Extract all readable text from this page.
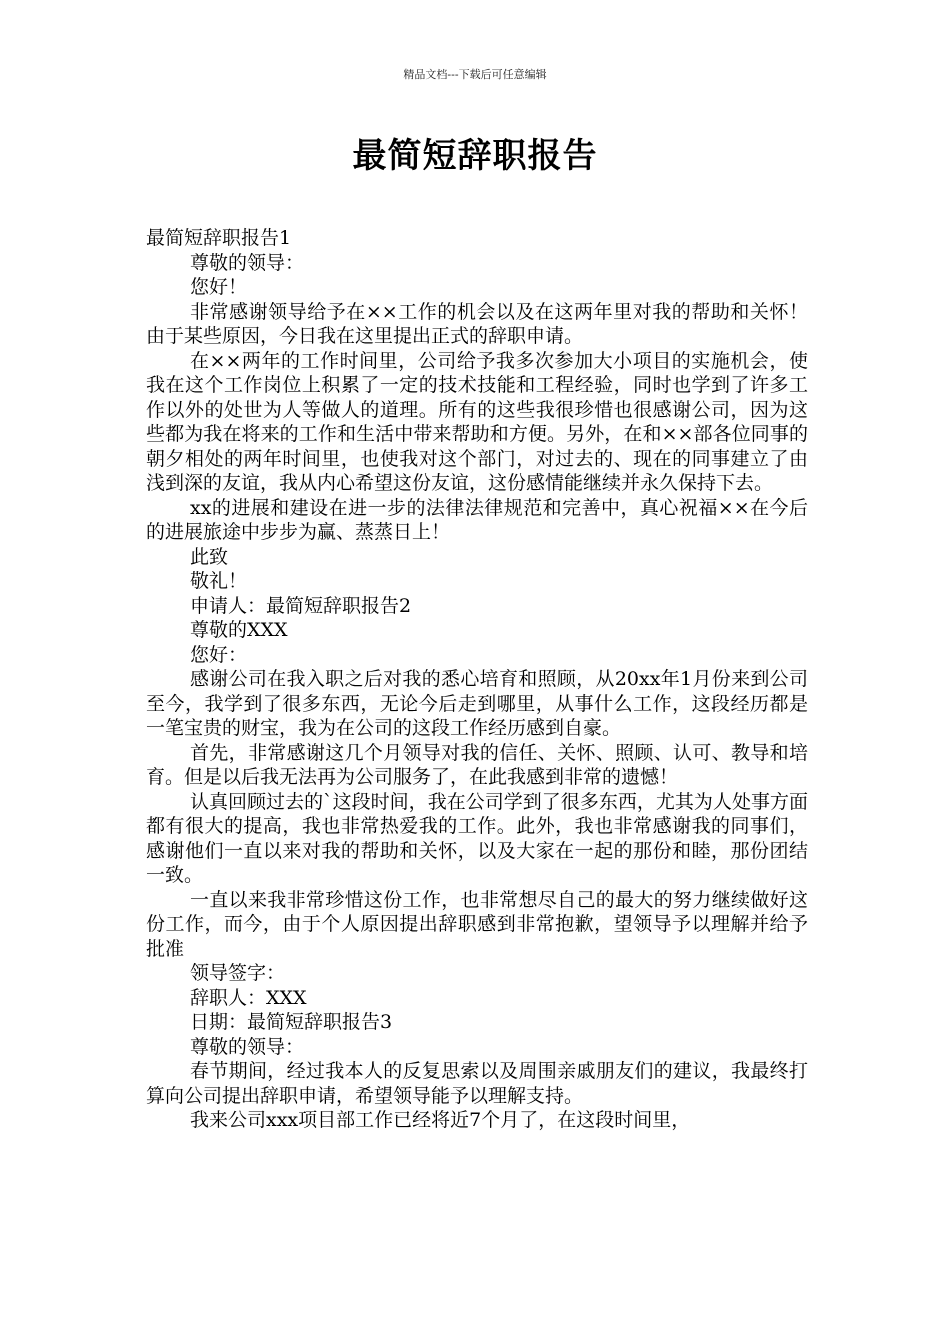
精品文档---下载后可任意编辑
最简短辞职报告

最简短辞职报告1

尊敬的领导：

您好！

非常感谢领导给予在××工作的机会以及在这两年里对我的帮助和关怀！由于某些原因，今日我在这里提出正式的辞职申请。

在××两年的工作时间里，公司给予我多次参加大小项目的实施机会，使我在这个工作岗位上积累了一定的技术技能和工程经验，同时也学到了许多工作以外的处世为人等做人的道理。所有的这些我很珍惜也很感谢公司，因为这些都为我在将来的工作和生活中带来帮助和方便。另外，在和××部各位同事的朝夕相处的两年时间里，也使我对这个部门，对过去的、现在的同事建立了由浅到深的友谊，我从内心希望这份友谊，这份感情能继续并永久保持下去。

xx的进展和建设在进一步的法律法律规范和完善中，真心祝福××在今后的进展旅途中步步为赢、蒸蒸日上！

此致

敬礼！

申请人：最简短辞职报告2

尊敬的XXX

您好：

感谢公司在我入职之后对我的悉心培育和照顾，从20xx年1月份来到公司至今，我学到了很多东西，无论今后走到哪里，从事什么工作，这段经历都是一笔宝贵的财宝，我为在公司的这段工作经历感到自豪。

首先，非常感谢这几个月领导对我的信任、关怀、照顾、认可、教导和培育。但是以后我无法再为公司服务了，在此我感到非常的遗憾！

认真回顾过去的`这段时间，我在公司学到了很多东西，尤其为人处事方面都有很大的提高，我也非常热爱我的工作。此外，我也非常感谢我的同事们，感谢他们一直以来对我的帮助和关怀，以及大家在一起的那份和睦，那份团结一致。

一直以来我非常珍惜这份工作，也非常想尽自己的最大的努力继续做好这份工作，而今，由于个人原因提出辞职感到非常抱歉，望领导予以理解并给予批准

领导签字：

辞职人：XXX

日期：最简短辞职报告3

尊敬的领导：

春节期间，经过我本人的反复思索以及周围亲戚朋友们的建议，我最终打算向公司提出辞职申请，希望领导能予以理解支持。

我来公司xxx项目部工作已经将近7个月了，在这段时间里，
